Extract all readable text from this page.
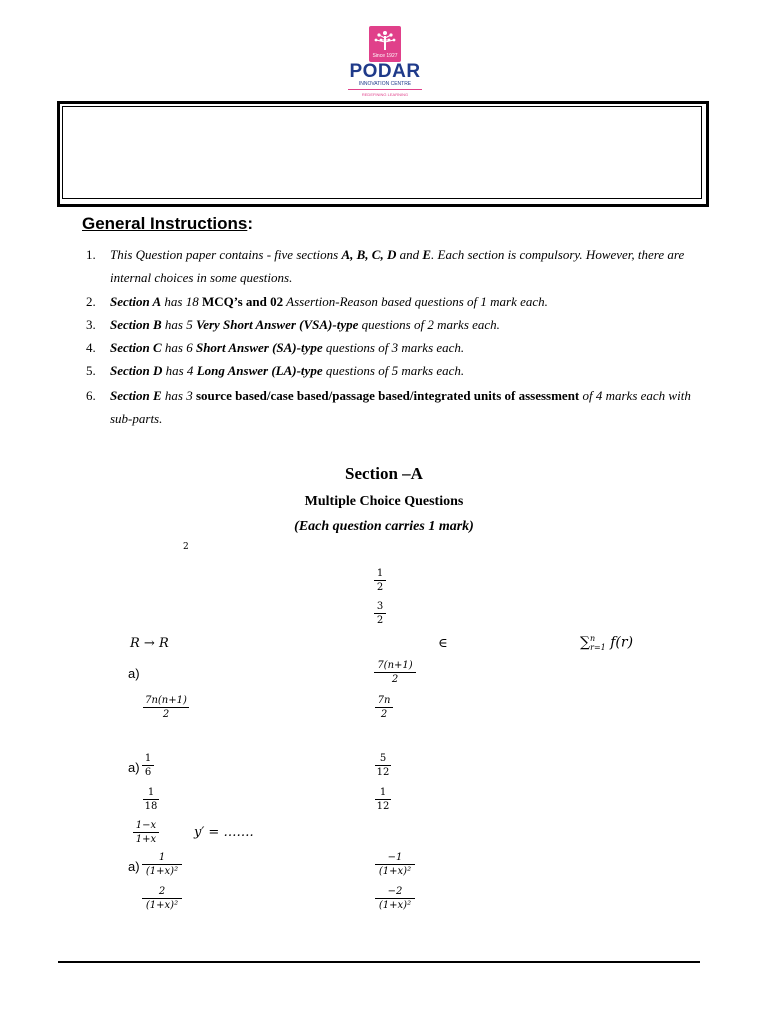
Since 1927
PODAR
INNOVATION CENTRE
REDEFINING LEARNING
General Instructions:
1. This Question paper contains - five sections A, B, C, D and E. Each section is compulsory. However, there are internal choices in some questions.
2. Section A has 18 MCQ’s and 02 Assertion-Reason based questions of 1 mark each.
3. Section B has 5 Very Short Answer (VSA)-type questions of 2 marks each.
4. Section C has 6 Short Answer (SA)-type questions of 3 marks each.
5. Section D has 4 Long Answer (LA)-type questions of 5 marks each.
6. Section E has 3 source based/case based/passage based/integrated units of assessment of 4 marks each with sub-parts.
Section –A
Multiple Choice Questions
(Each question carries 1 mark)
2
$\frac{1}{2}$
$\frac{3}{2}$
R → R	∈	∑$^n_{r=1}$ f(r)
a)	$\frac{7(n+1)}{2}$
$\frac{7n(n+1)}{2}$	$\frac{7n}{2}$
$a) \frac{1}{6}$	$\frac{5}{12}$
$\frac{1}{18}$	$\frac{1}{12}$
$\frac{1-x}{1+x}$	y′ = …….
$a) \frac{1}{\text{(1+x)²}}$	$\frac{-1}{\text{(1+x)²}}$
$\frac{2}{\text{(1+x)²}}$	$\frac{-2}{\text{(1+x)²}}$
